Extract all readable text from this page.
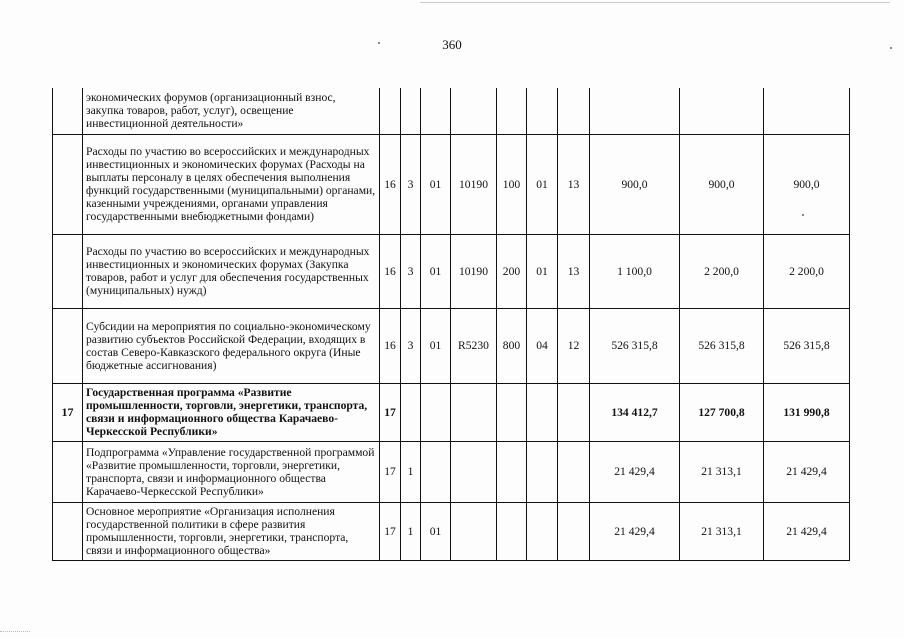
360
	экономических форумов (организационный взнос, закупка товаров, работ, услуг), освещение инвестиционной деятельности»										
	Расходы по участию во всероссийских и международных инвестиционных и экономических форумах (Расходы на выплаты персоналу в целях обеспечения выполнения функций государственными (муниципальными) органами, казенными учреждениями, органами управления государственными внебюджетными фондами)	16	3	01	10190	100	01	13	900,0	900,0	900,0
	Расходы по участию во всероссийских и международных инвестиционных и экономических форумах (Закупка товаров, работ и услуг для обеспечения государственных (муниципальных) нужд)	16	3	01	10190	200	01	13	1 100,0	2 200,0	2 200,0
	Субсидии на мероприятия по социально-экономическому развитию субъектов Российской Федерации, входящих в состав Северо-Кавказского федерального округа (Иные бюджетные ассигнования)	16	3	01	R5230	800	04	12	526 315,8	526 315,8	526 315,8
17	Государственная программа «Развитие промышленности, торговли, энергетики, транспорта, связи и информационного общества Карачаево-Черкесской Республики»	17							134 412,7	127 700,8	131 990,8
	Подпрограмма «Управление государственной программой «Развитие промышленности, торговли, энергетики, транспорта, связи и информационного общества Карачаево-Черкесской Республики»	17	1						21 429,4	21 313,1	21 429,4
	Основное мероприятие «Организация исполнения государственной политики в сфере развития промышленности, торговли, энергетики, транспорта, связи и информационного общества»	17	1	01					21 429,4	21 313,1	21 429,4
